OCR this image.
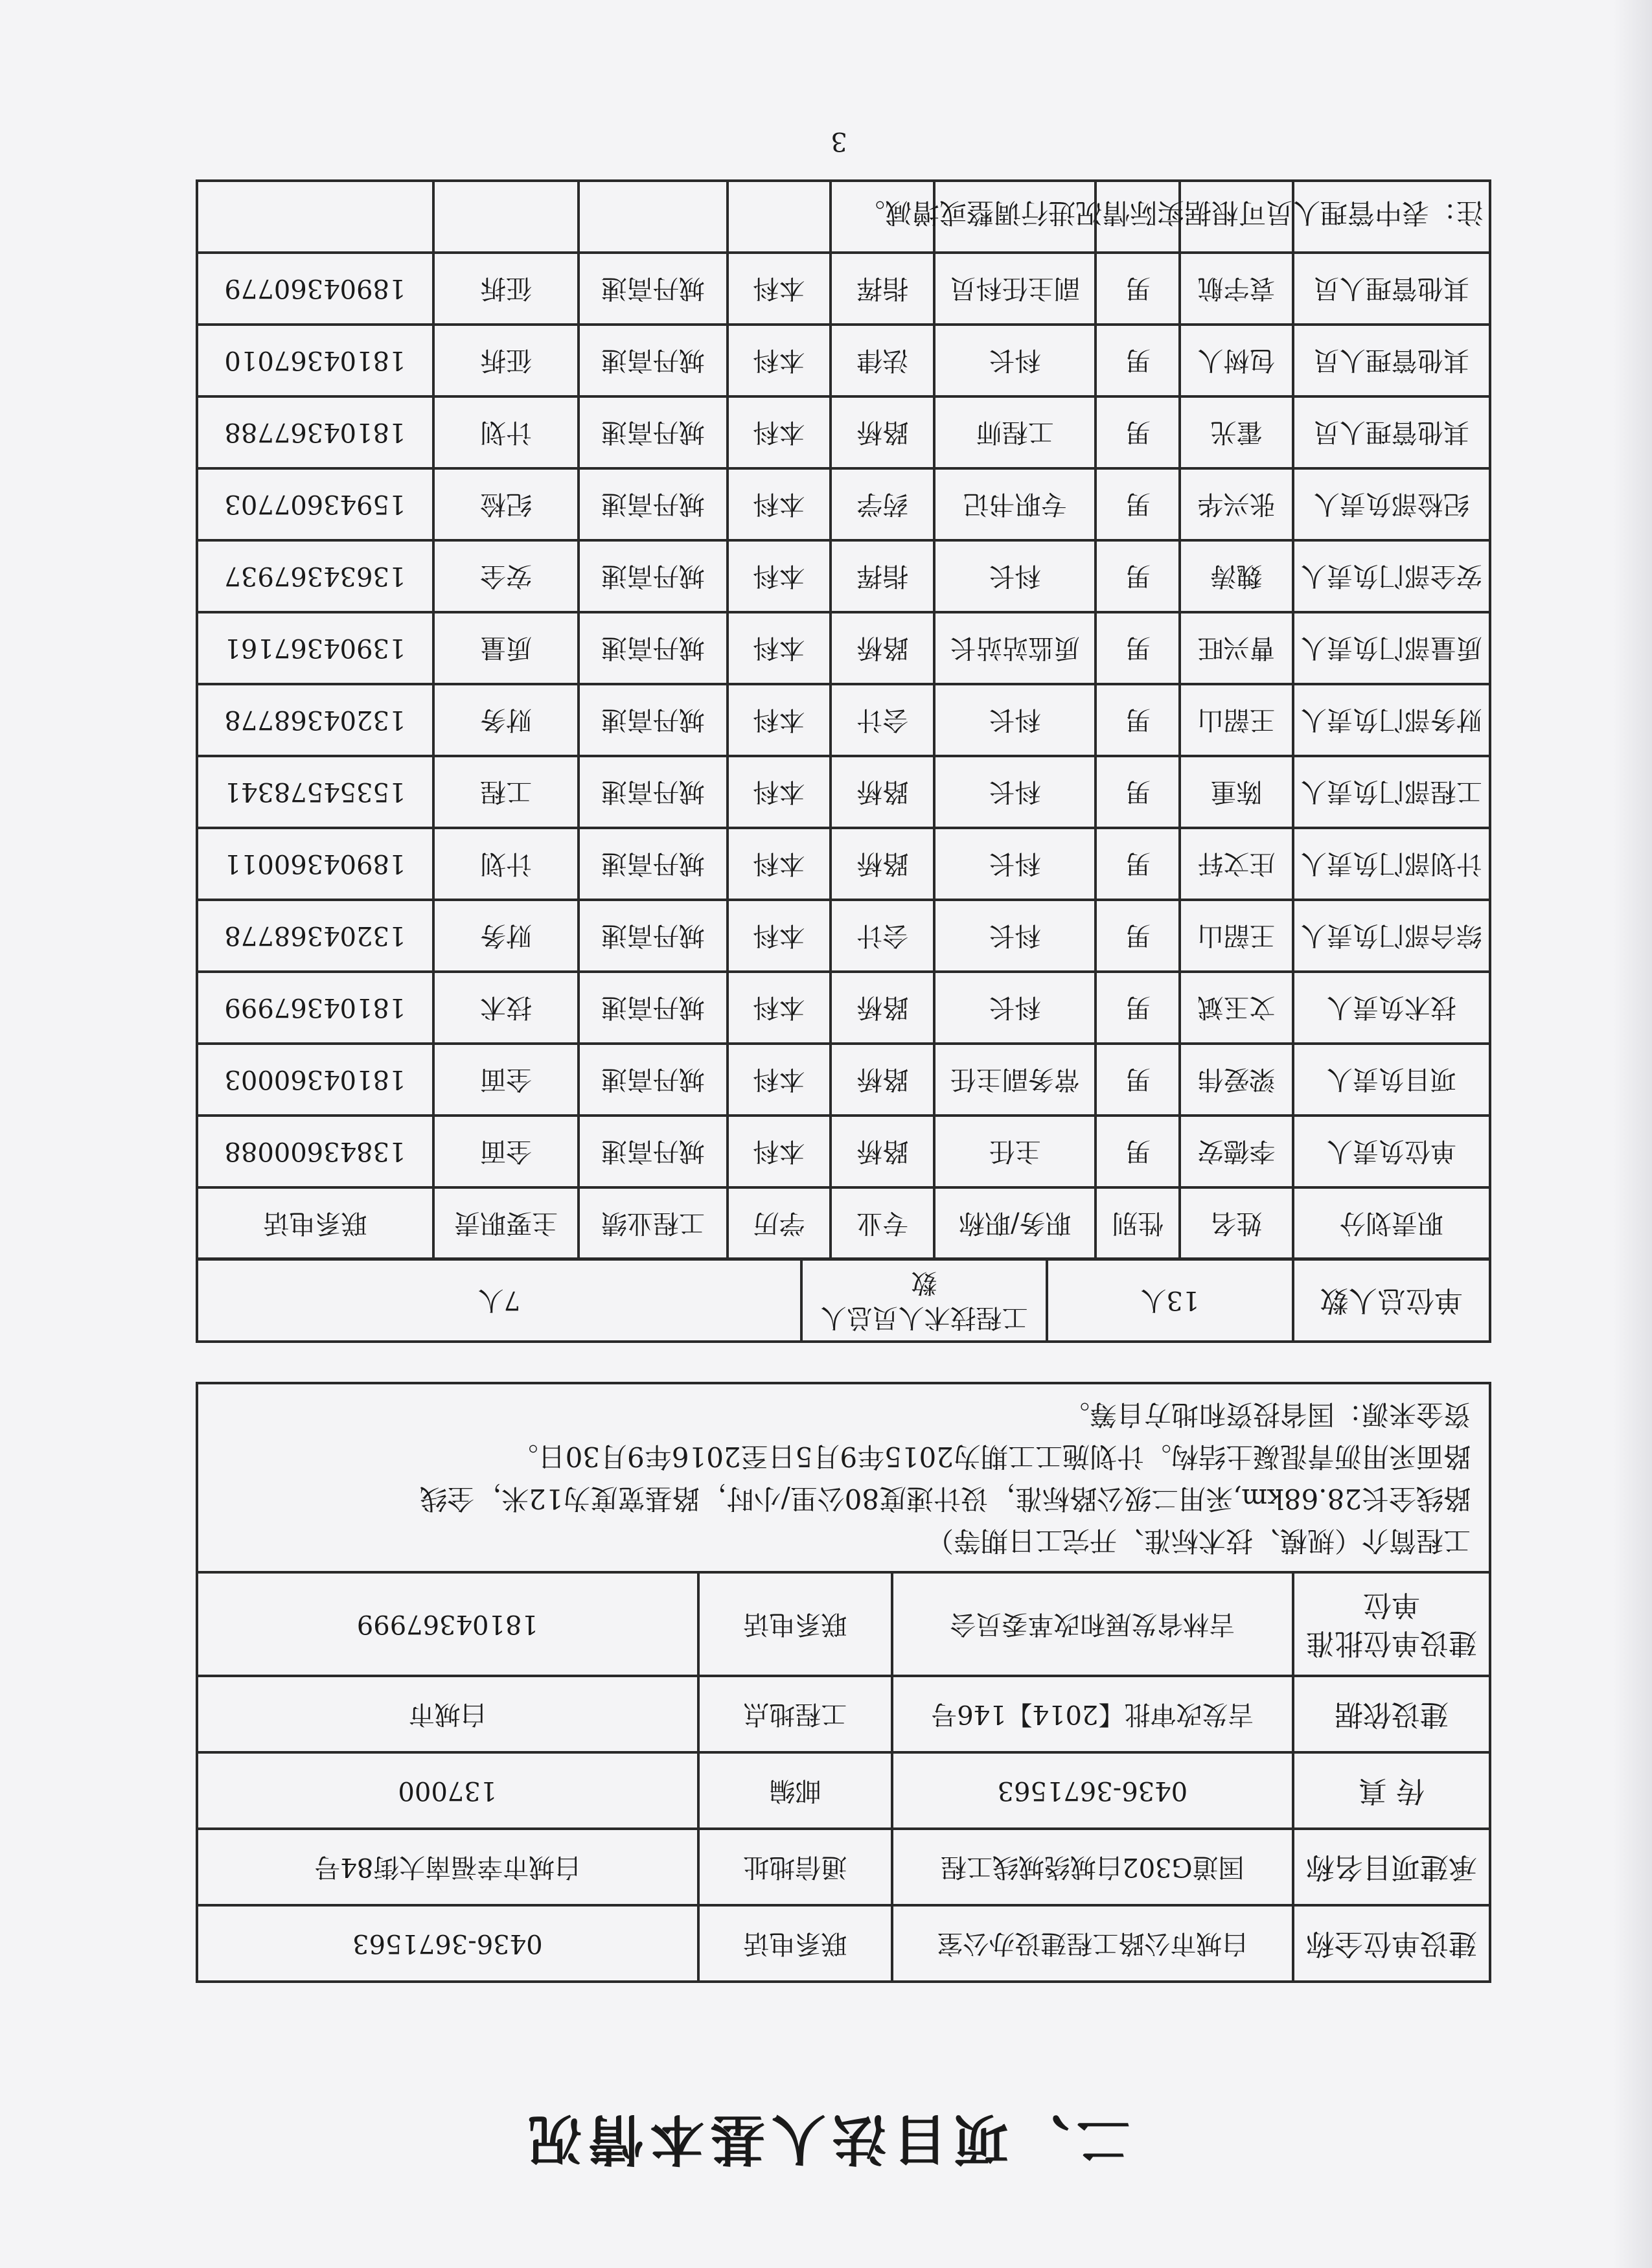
二、项目法人基本情况
建设单位全称	白城市公路工程建设办公室	联系电话	0436-3671563
承建项目名称	国道G302白城绕城线工程	通信地址	白城市幸福南大街84号
传 真	0436-3671563	邮编	137000
建设依据	吉发改审批【2014】146号	工程地点	白城市
建设单位批准单位	吉林省发展和改革委员会	联系电话	18104367999

工程简介（规模、技术标准、开完工日期等）
路线全长28.68km,采用二级公路标准，设计速度80公里/小时，路基宽度为12米，全线
路面采用沥青混凝土结构。计划施工工期为2015年9月5日至2016年9月30日。
资金来源：国省投资和地方自筹。			
单位总人数	13人	工程技术人员总人数	7人
职责划分	姓名	性别	职务/职称	专业	学历	工程业绩	主要职责	联系电话
单位负责人	李德安	男	主任	路桥	本科	城丹高速	全面	13843600088
项目负责人	梁爱伟	男	常务副主任	路桥	本科	城丹高速	全面	18104360003
技术负责人	文玉斌	男	科长	路桥	本科	城丹高速	技术	18104367999
综合部门负责人	王韶山	男	科长	会计	本科	城丹高速	财务	13204368778
计划部门负责人	庄文轩	男	科长	路桥	本科	城丹高速	计划	18904360011
工程部门负责人	陈重	男	科长	路桥	本科	城丹高速	工程	15354578341
财务部门负责人	王韶山	男	科长	会计	本科	城丹高速	财务	13204368778
质量部门负责人	曹兴旺	男	质监站站长	路桥	本科	城丹高速	质量	13904367161
安全部门负责人	魏涛	男	科长	指挥	本科	城丹高速	安全	13634367937
纪检部负责人	张兴华	男	专职书记	药学	本科	城丹高速	纪检	15943607703
其他管理人员	霍光	男	工程师	路桥	本科	城丹高速	计划	18104367788
其他管理人员	包树人	男	科长	法律	本科	城丹高速	征拆	18104367010
其他管理人员	袁宇航	男	副主任科员	指挥	本科	城丹高速	征拆	18904360779

注：表中管理人员可根据实际情况进行调整或增减。
3
